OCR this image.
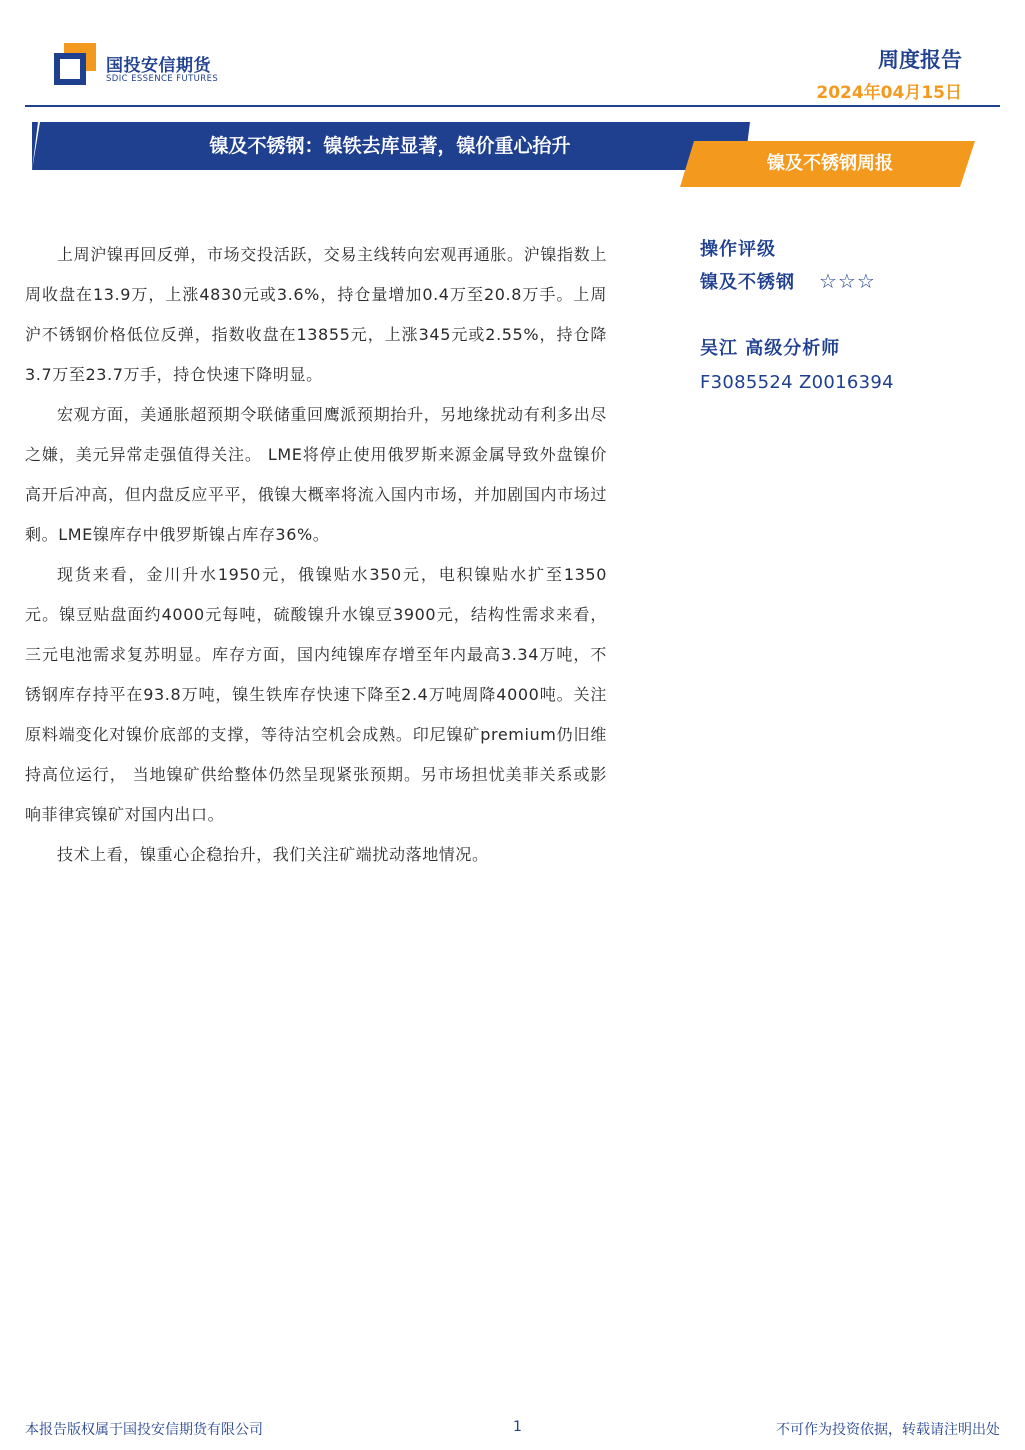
国投安信期货
SDIC ESSENCE FUTURES
周度报告
2024年04月15日
镍及不锈钢：镍铁去库显著，镍价重心抬升
镍及不锈钢周报

上周沪镍再回反弹，市场交投活跃，交易主线转向宏观再通胀。沪镍指数上周收盘在13.9万，上涨4830元或3.6%，持仓量增加0.4万至20.8万手。上周沪不锈钢价格低位反弹，指数收盘在13855元，上涨345元或2.55%，持仓降3.7万至23.7万手，持仓快速下降明显。

宏观方面，美通胀超预期令联储重回鹰派预期抬升，另地缘扰动有利多出尽之嫌，美元异常走强值得关注。 LME将停止使用俄罗斯来源金属导致外盘镍价高开后冲高，但内盘反应平平，俄镍大概率将流入国内市场，并加剧国内市场过剩。LME镍库存中俄罗斯镍占库存36%。

现货来看，金川升水1950元，俄镍贴水350元，电积镍贴水扩至1350元。镍豆贴盘面约4000元每吨，硫酸镍升水镍豆3900元，结构性需求来看，三元电池需求复苏明显。库存方面，国内纯镍库存增至年内最高3.34万吨，不锈钢库存持平在93.8万吨，镍生铁库存快速下降至2.4万吨周降4000吨。关注原料端变化对镍价底部的支撑，等待沽空机会成熟。印尼镍矿premium仍旧维持高位运行， 当地镍矿供给整体仍然呈现紧张预期。另市场担忧美菲关系或影响菲律宾镍矿对国内出口。

技术上看，镍重心企稳抬升，我们关注矿端扰动落地情况。

操作评级
镍及不锈钢 ☆☆☆
吴江 高级分析师
F3085524 Z0016394
本报告版权属于国投安信期货有限公司	1	不可作为投资依据，转载请注明出处
